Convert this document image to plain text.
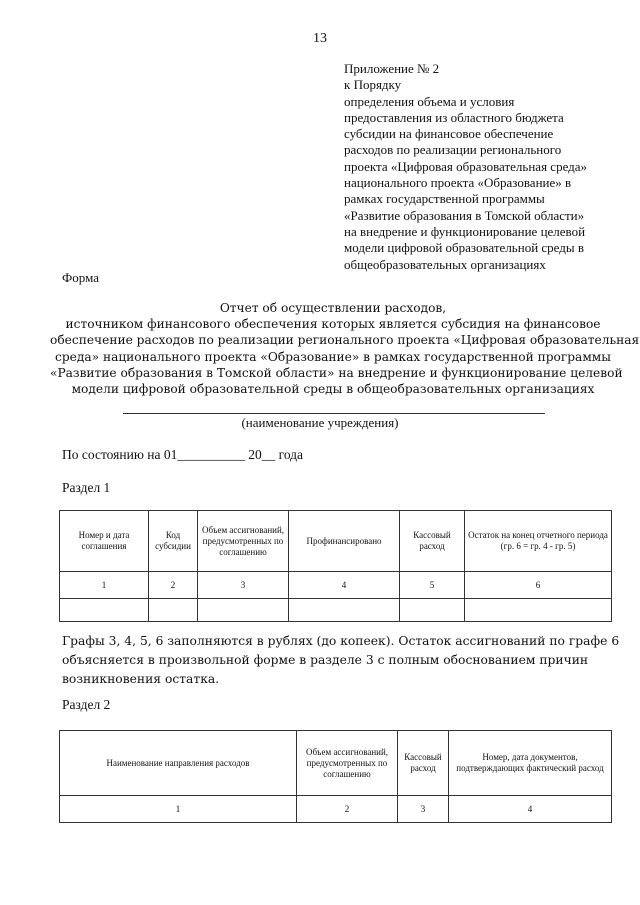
13
Приложение № 2
к Порядку
определения объема и условия
предоставления из областного бюджета
субсидии на финансовое обеспечение
расходов по реализации регионального
проекта «Цифровая образовательная среда»
национального проекта «Образование» в
рамках государственной программы
«Развитие образования в Томской области»
на внедрение и функционирование целевой
модели цифровой образовательной среды в
общеобразовательных организациях
Форма
Отчет об осуществлении расходов,
источником финансового обеспечения которых является субсидия на финансовое
обеспечение расходов по реализации регионального проекта «Цифровая образовательная
среда» национального проекта «Образование» в рамках государственной программы
«Развитие образования в Томской области» на внедрение и функционирование целевой
модели цифровой образовательной среды в общеобразовательных организациях
(наименование учреждения)
По состоянию на 01__________ 20__ года
Раздел 1
Номер и дата соглашения	Код субсидии	Объем ассигнований, предусмотренных по соглашению	Профинансировано	Кассовый расход	Остаток на конец отчетного периода (гр. 6 = гр. 4 - гр. 5)
1	2	3	4	5	6

Графы 3, 4, 5, 6 заполняются в рублях (до копеек). Остаток ассигнований по графе 6
объясняется в произвольной форме в разделе 3 с полным обоснованием причин
возникновения остатка.
Раздел 2
Наименование направления расходов	Объем ассигнований, предусмотренных по соглашению	Кассовый расход	Номер, дата документов, подтверждающих фактический расход
1	2	3	4
